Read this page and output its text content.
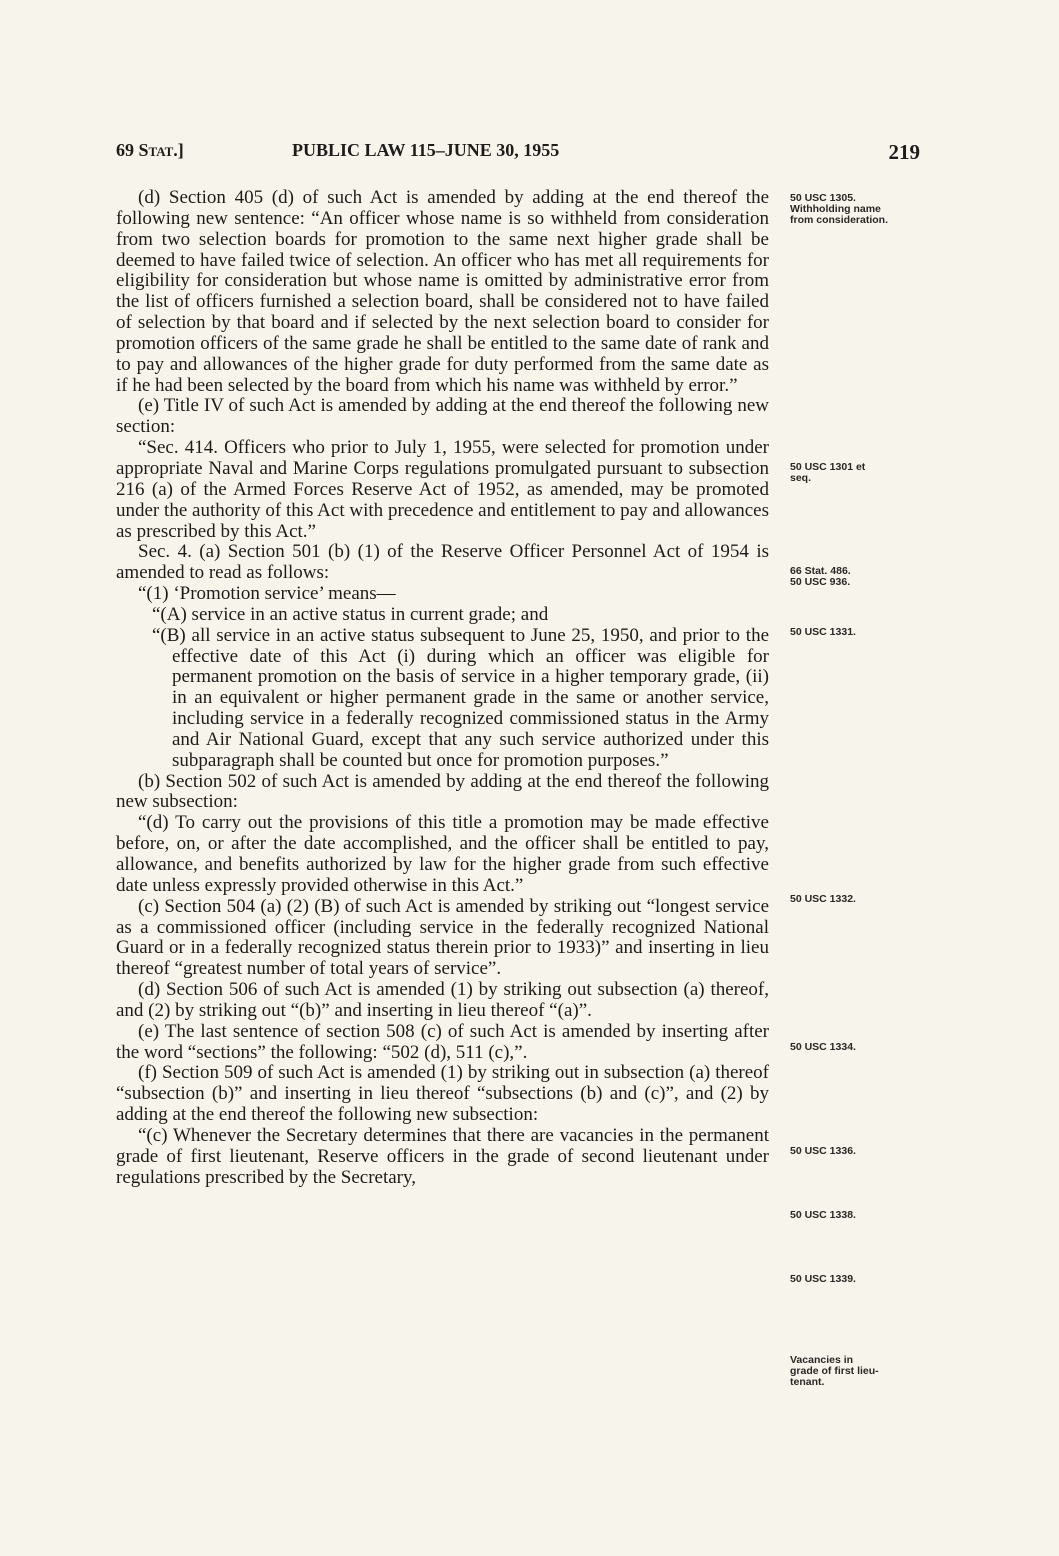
69 Stat.]	PUBLIC LAW 115–JUNE 30, 1955	219

(d) Section 405 (d) of such Act is amended by adding at the end thereof the following new sentence: “An officer whose name is so withheld from consideration from two selection boards for promotion to the same next higher grade shall be deemed to have failed twice of selection. An officer who has met all requirements for eligibility for consideration but whose name is omitted by administrative error from the list of officers furnished a selection board, shall be considered not to have failed of selection by that board and if selected by the next selection board to consider for promotion officers of the same grade he shall be entitled to the same date of rank and to pay and allowances of the higher grade for duty performed from the same date as if he had been selected by the board from which his name was withheld by error.”

(e) Title IV of such Act is amended by adding at the end thereof the following new section:

“Sec. 414. Officers who prior to July 1, 1955, were selected for promotion under appropriate Naval and Marine Corps regulations promulgated pursuant to subsection 216 (a) of the Armed Forces Reserve Act of 1952, as amended, may be promoted under the authority of this Act with precedence and entitlement to pay and allowances as prescribed by this Act.”

Sec. 4. (a) Section 501 (b) (1) of the Reserve Officer Personnel Act of 1954 is amended to read as follows:

“(1) ‘Promotion service’ means—

“(A) service in an active status in current grade; and

“(B) all service in an active status subsequent to June 25, 1950, and prior to the effective date of this Act (i) during which an officer was eligible for permanent promotion on the basis of service in a higher temporary grade, (ii) in an equivalent or higher permanent grade in the same or another service, including service in a federally recognized commissioned status in the Army and Air National Guard, except that any such service authorized under this subparagraph shall be counted but once for promotion purposes.”

(b) Section 502 of such Act is amended by adding at the end thereof the following new subsection:

“(d) To carry out the provisions of this title a promotion may be made effective before, on, or after the date accomplished, and the officer shall be entitled to pay, allowance, and benefits authorized by law for the higher grade from such effective date unless expressly provided otherwise in this Act.”

(c) Section 504 (a) (2) (B) of such Act is amended by striking out “longest service as a commissioned officer (including service in the federally recognized National Guard or in a federally recognized status therein prior to 1933)” and inserting in lieu thereof “greatest number of total years of service”.

(d) Section 506 of such Act is amended (1) by striking out subsection (a) thereof, and (2) by striking out “(b)” and inserting in lieu thereof “(a)”.

(e) The last sentence of section 508 (c) of such Act is amended by inserting after the word “sections” the following: “502 (d), 511 (c),”.

(f) Section 509 of such Act is amended (1) by striking out in subsection (a) thereof “subsection (b)” and inserting in lieu thereof “subsections (b) and (c)”, and (2) by adding at the end thereof the following new subsection:

“(c) Whenever the Secretary determines that there are vacancies in the permanent grade of first lieutenant, Reserve officers in the grade of second lieutenant under regulations prescribed by the Secretary,

50 USC 1305.
Withholding name
from consideration.
50 USC 1301 et
seq.
66 Stat. 486.
50 USC 936.
50 USC 1331.
50 USC 1332.
50 USC 1334.
50 USC 1336.
50 USC 1338.
50 USC 1339.
Vacancies in
grade of first lieu-
tenant.
